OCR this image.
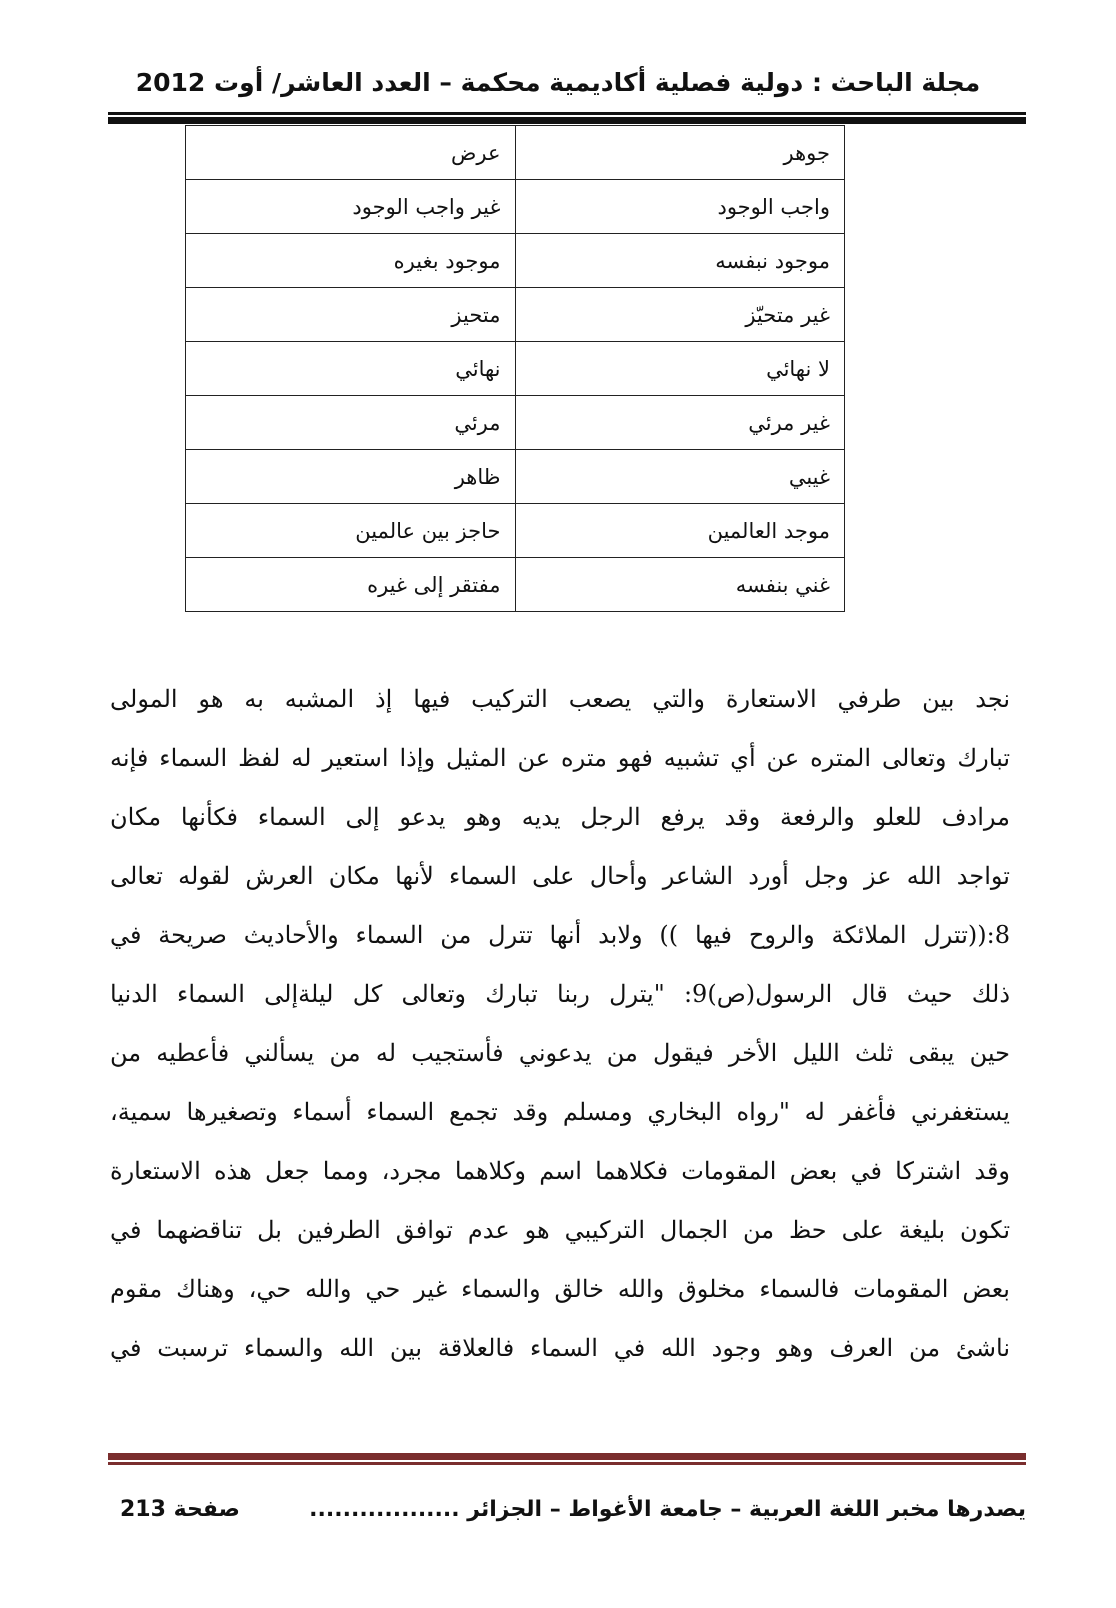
مجلة الباحث : دولية فصلية أكاديمية محكمة – العدد العاشر/ أوت 2012
جوهر	عرض
واجب الوجود	غير واجب الوجود
موجود نبفسه	موجود بغيره
غير متحيّز	متحيز
لا نهائي	نهائي
غير مرئي	مرئي
غيبي	ظاهر
موجد العالمين	حاجز بين عالمين
غني بنفسه	مفتقر إلى غيره
نجد بين طرفي الاستعارة والتي يصعب التركيب فيها إذ المشبه به هو المولى
تبارك وتعالى المتره عن أي تشبيه فهو متره عن المثيل وإذا استعير له لفظ السماء فإنه
مرادف للعلو والرفعة وقد يرفع الرجل يديه وهو يدعو إلى السماء فكأنها مكان
تواجد الله عز وجل أورد الشاعر وأحال على السماء لأنها مكان العرش لقوله تعالى
8:((تترل الملائكة والروح فيها )) ولابد أنها تترل من السماء والأحاديث صريحة في
ذلك حيث قال الرسول(ص)9: "يترل ربنا تبارك وتعالى كل ليلةإلى السماء الدنيا
حين يبقى ثلث الليل الأخر فيقول من يدعوني فأستجيب له من يسألني فأعطيه من
يستغفرني فأغفر له "رواه البخاري ومسلم وقد تجمع السماء أسماء وتصغيرها سمية،
وقد اشتركا في بعض المقومات فكلاهما اسم وكلاهما مجرد، ومما جعل هذه الاستعارة
تكون بليغة على حظ من الجمال التركيبي هو عدم توافق الطرفين بل تناقضهما في
بعض المقومات فالسماء مخلوق والله خالق والسماء غير حي والله حي، وهناك مقوم
ناشئ من العرف وهو وجود الله في السماء فالعلاقة بين الله والسماء ترسبت في
يصدرها مخبر اللغة العربية – جامعة الأغواط – الجزائر ..................
صفحة 213
